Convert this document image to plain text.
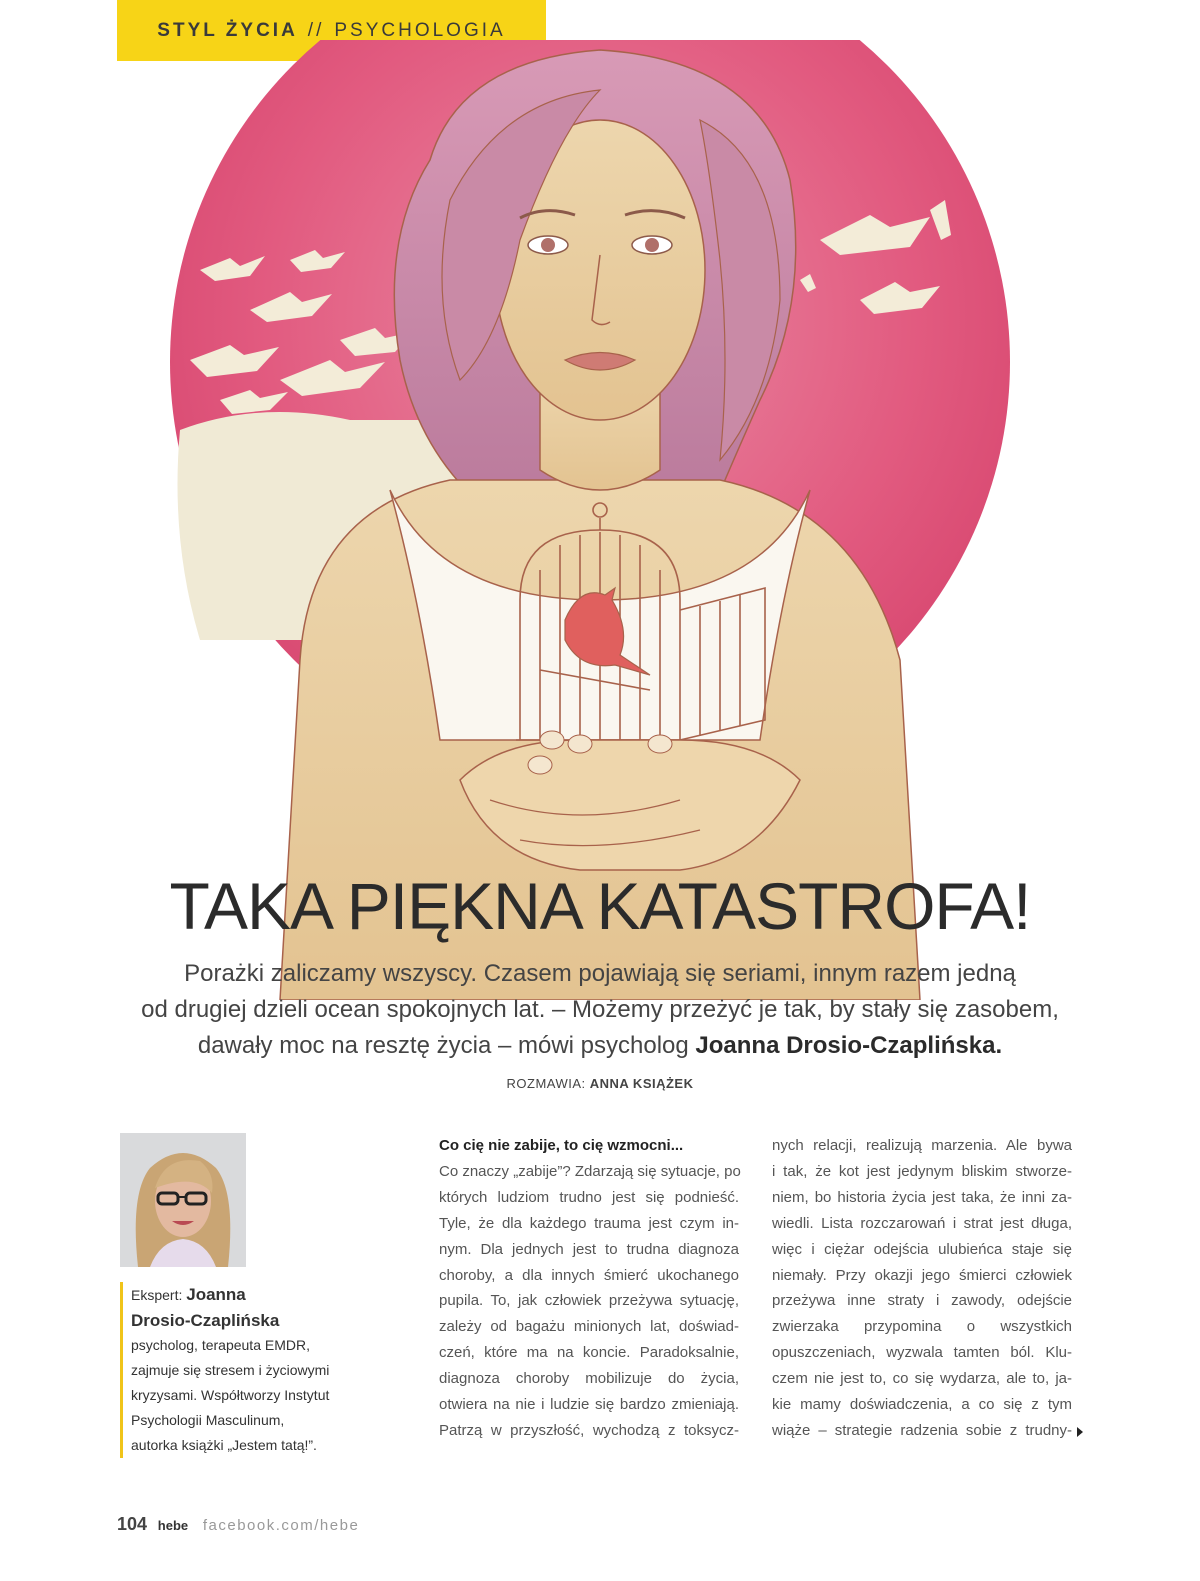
STYL ŻYCIA // PSYCHOLOGIA
TAKA PIĘKNA KATASTROFA!
Porażki zaliczamy wszyscy. Czasem pojawiają się seriami, innym razem jedną
od drugiej dzieli ocean spokojnych lat. – Możemy przeżyć je tak, by stały się zasobem,
dawały moc na resztę życia – mówi psycholog Joanna Drosio-Czaplińska.
ROZMAWIA: ANNA KSIĄŻEK
Ekspert: Joanna
Drosio-Czaplińska
psycholog, terapeuta EMDR,
zajmuje się stresem i życiowymi
kryzysami. Współtworzy Instytut
Psychologii Masculinum,
autorka książki „Jestem tatą!”.
Co cię nie zabije, to cię wzmocni...
Co znaczy „zabije”? Zdarzają się sytuacje, po
których ludziom trudno jest się podnieść.
Tyle, że dla każdego trauma jest czym in-
nym. Dla jednych jest to trudna diagnoza
choroby, a dla innych śmierć ukochanego
pupila. To, jak człowiek przeżywa sytuację,
zależy od bagażu minionych lat, doświad-
czeń, które ma na koncie. Paradoksalnie,
diagnoza choroby mobilizuje do życia,
otwiera na nie i ludzie się bardzo zmieniają.
Patrzą w przyszłość, wychodzą z toksycz-
nych relacji, realizują marzenia. Ale bywa
i tak, że kot jest jedynym bliskim stworze-
niem, bo historia życia jest taka, że inni za-
wiedli. Lista rozczarowań i strat jest długa,
więc i ciężar odejścia ulubieńca staje się
niemały. Przy okazji jego śmierci człowiek
przeżywa inne straty i zawody, odejście
zwierzaka przypomina o wszystkich
opuszczeniach, wyzwala tamten ból. Klu-
czem nie jest to, co się wydarza, ale to, ja-
kie mamy doświadczenia, a co się z tym
wiąże – strategie radzenia sobie z trudny-
104 hebe facebook.com/hebe
